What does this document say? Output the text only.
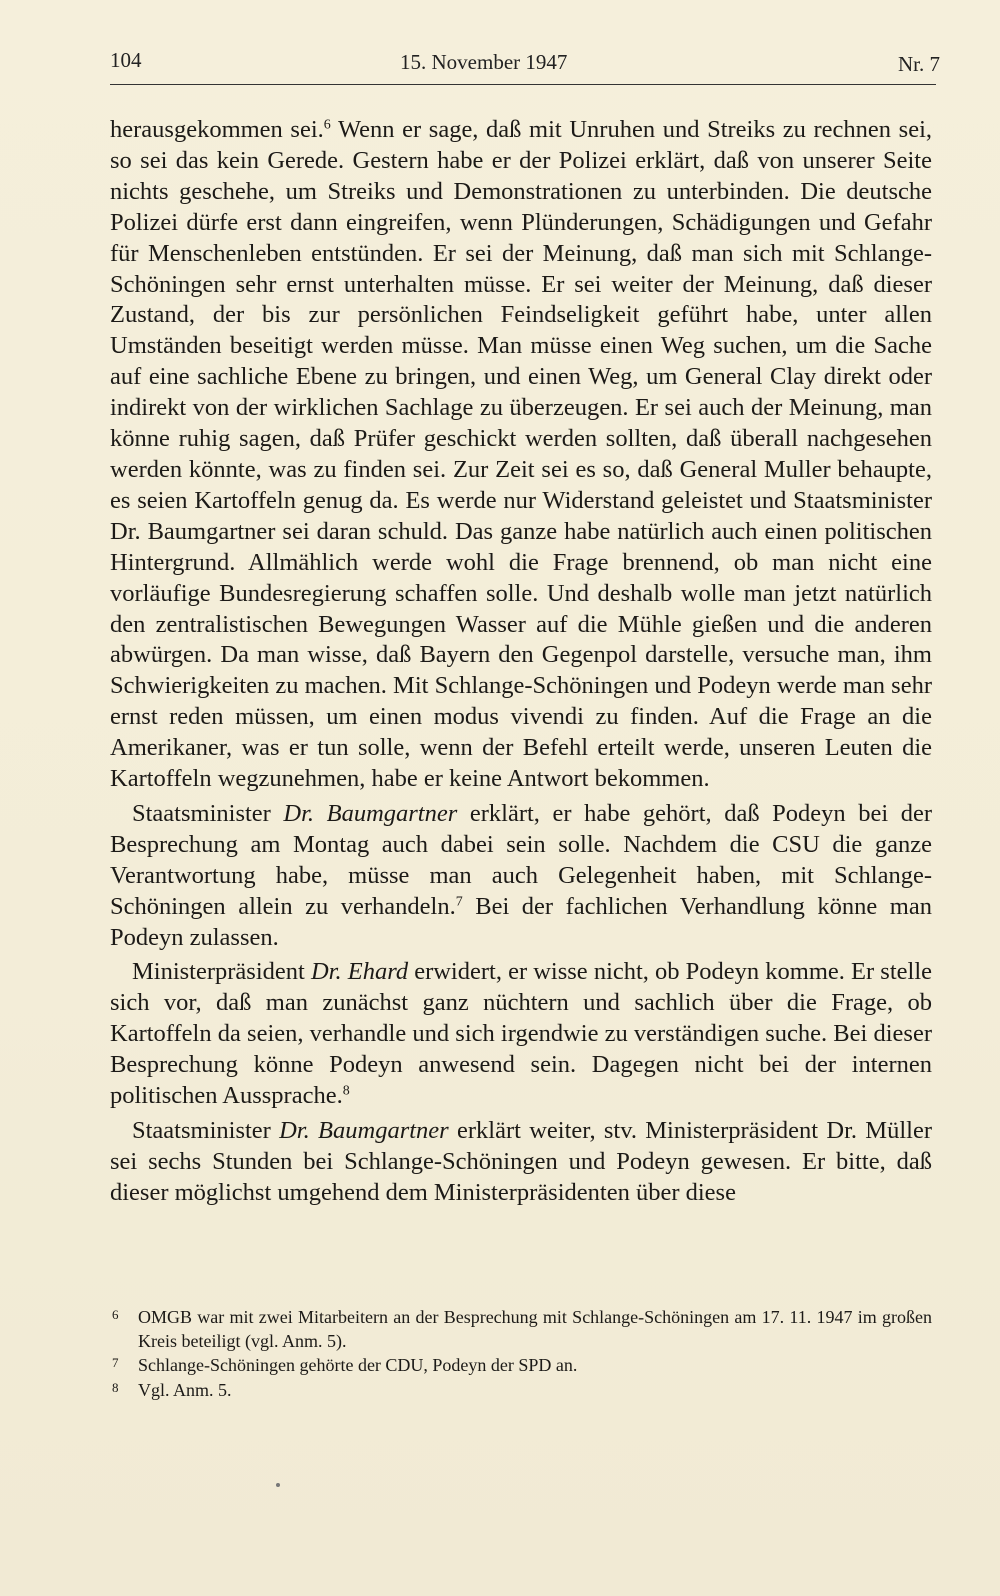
104	15. November 1947	Nr. 7

herausgekommen sei.$^6$ Wenn er sage, daß mit Unruhen und Streiks zu rechnen sei, so sei das kein Gerede. Gestern habe er der Polizei erklärt, daß von unserer Seite nichts geschehe, um Streiks und Demonstrationen zu unterbinden. Die deutsche Polizei dürfe erst dann eingreifen, wenn Plünderungen, Schädigungen und Gefahr für Menschenleben entstünden. Er sei der Meinung, daß man sich mit Schlange-Schöningen sehr ernst unterhalten müsse. Er sei weiter der Meinung, daß dieser Zustand, der bis zur persönlichen Feindseligkeit geführt habe, unter allen Umständen beseitigt werden müsse. Man müsse einen Weg suchen, um die Sache auf eine sachliche Ebene zu bringen, und einen Weg, um General Clay direkt oder indirekt von der wirklichen Sachlage zu überzeugen. Er sei auch der Meinung, man könne ruhig sagen, daß Prüfer geschickt werden sollten, daß überall nachgesehen werden könnte, was zu finden sei. Zur Zeit sei es so, daß General Muller behaupte, es seien Kartoffeln genug da. Es werde nur Widerstand geleistet und Staatsminister Dr. Baumgartner sei daran schuld. Das ganze habe natürlich auch einen politischen Hintergrund. Allmählich werde wohl die Frage brennend, ob man nicht eine vorläufige Bundesregierung schaffen solle. Und deshalb wolle man jetzt natürlich den zentralistischen Bewegungen Wasser auf die Mühle gießen und die anderen abwürgen. Da man wisse, daß Bayern den Gegenpol darstelle, versuche man, ihm Schwierigkeiten zu machen. Mit Schlange-Schöningen und Podeyn werde man sehr ernst reden müssen, um einen modus vivendi zu finden. Auf die Frage an die Amerikaner, was er tun solle, wenn der Befehl erteilt werde, unseren Leuten die Kartoffeln wegzunehmen, habe er keine Antwort bekommen.

Staatsminister Dr. Baumgartner erklärt, er habe gehört, daß Podeyn bei der Besprechung am Montag auch dabei sein solle. Nachdem die CSU die ganze Verantwortung habe, müsse man auch Gelegenheit haben, mit Schlange-Schöningen allein zu verhandeln.$^7$ Bei der fachlichen Verhandlung könne man Podeyn zulassen.

Ministerpräsident Dr. Ehard erwidert, er wisse nicht, ob Podeyn komme. Er stelle sich vor, daß man zunächst ganz nüchtern und sachlich über die Frage, ob Kartoffeln da seien, verhandle und sich irgendwie zu verständigen suche. Bei dieser Besprechung könne Podeyn anwesend sein. Dagegen nicht bei der internen politischen Aussprache.$^8$

Staatsminister Dr. Baumgartner erklärt weiter, stv. Ministerpräsident Dr. Müller sei sechs Stunden bei Schlange-Schöningen und Podeyn gewesen. Er bitte, daß dieser möglichst umgehend dem Ministerpräsidenten über diese

6 OMGB war mit zwei Mitarbeitern an der Besprechung mit Schlange-Schöningen am 17. 11. 1947 im großen Kreis beteiligt (vgl. Anm. 5).
7 Schlange-Schöningen gehörte der CDU, Podeyn der SPD an.
8 Vgl. Anm. 5.
